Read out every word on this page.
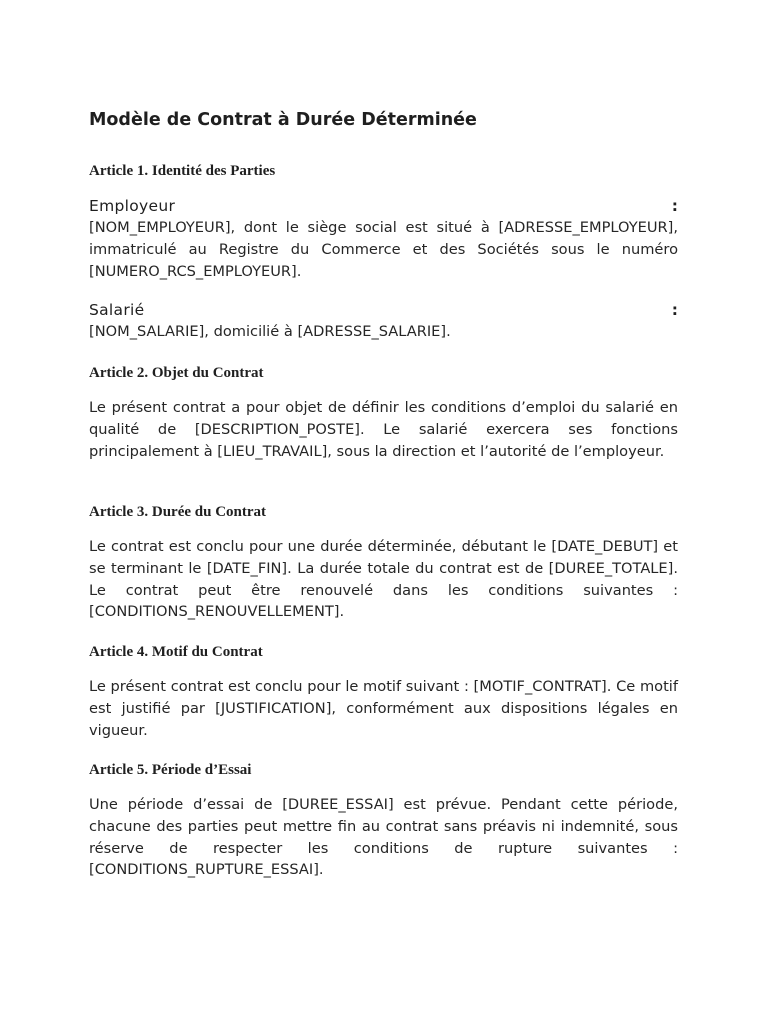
Modèle de Contrat à Durée Déterminée
Article 1. Identité des Parties
Employeur	:

[NOM_EMPLOYEUR], dont le siège social est situé à [ADRESSE_EMPLOYEUR], immatriculé au Registre du Commerce et des Sociétés sous le numéro [NUMERO_RCS_EMPLOYEUR].

Salarié	:

[NOM_SALARIE], domicilié à [ADRESSE_SALARIE].

Article 2. Objet du Contrat

Le présent contrat a pour objet de définir les conditions d’emploi du salarié en qualité de [DESCRIPTION_POSTE]. Le salarié exercera ses fonctions principalement à [LIEU_TRAVAIL], sous la direction et l’autorité de l’employeur.

Article 3. Durée du Contrat

Le contrat est conclu pour une durée déterminée, débutant le [DATE_DEBUT] et se terminant le [DATE_FIN]. La durée totale du contrat est de [DUREE_TOTALE]. Le contrat peut être renouvelé dans les conditions suivantes : [CONDITIONS_RENOUVELLEMENT].

Article 4. Motif du Contrat

Le présent contrat est conclu pour le motif suivant : [MOTIF_CONTRAT]. Ce motif est justifié par [JUSTIFICATION], conformément aux dispositions légales en vigueur.

Article 5. Période d’Essai

Une période d’essai de [DUREE_ESSAI] est prévue. Pendant cette période, chacune des parties peut mettre fin au contrat sans préavis ni indemnité, sous réserve de respecter les conditions de rupture suivantes : [CONDITIONS_RUPTURE_ESSAI].
